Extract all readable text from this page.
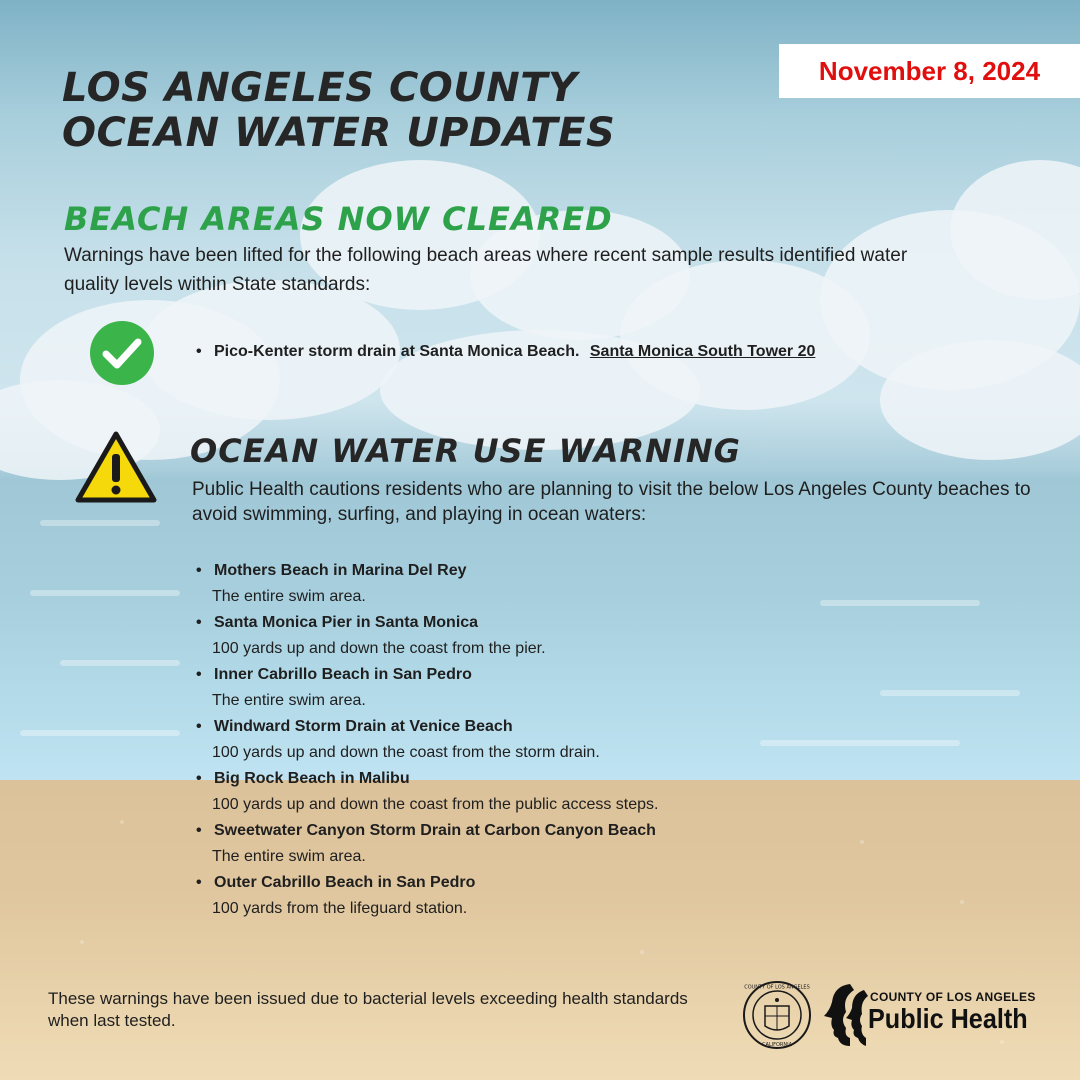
LOS ANGELES COUNTY
OCEAN WATER UPDATES
November 8, 2024
BEACH AREAS NOW CLEARED
Warnings have been lifted for the following beach areas where recent sample results identified water quality levels within State standards:
• Pico-Kenter storm drain at Santa Monica Beach. Santa Monica South Tower 20
OCEAN WATER USE WARNING
Public Health cautions residents who are planning to visit the below Los Angeles County beaches to avoid swimming, surfing, and playing in ocean waters:
• Mothers Beach in Marina Del Rey
The entire swim area.
• Santa Monica Pier in Santa Monica
100 yards up and down the coast from the pier.
• Inner Cabrillo Beach in San Pedro
The entire swim area.
• Windward Storm Drain at Venice Beach
100 yards up and down the coast from the storm drain.
• Big Rock Beach in Malibu
100 yards up and down the coast from the public access steps.
• Sweetwater Canyon Storm Drain at Carbon Canyon Beach
The entire swim area.
• Outer Cabrillo Beach in San Pedro
100 yards from the lifeguard station.
These warnings have been issued due to bacterial levels exceeding health standards when last tested.
COUNTY OF LOS ANGELES
CALIFORNIA
COUNTY OF LOS ANGELES
Public Health
